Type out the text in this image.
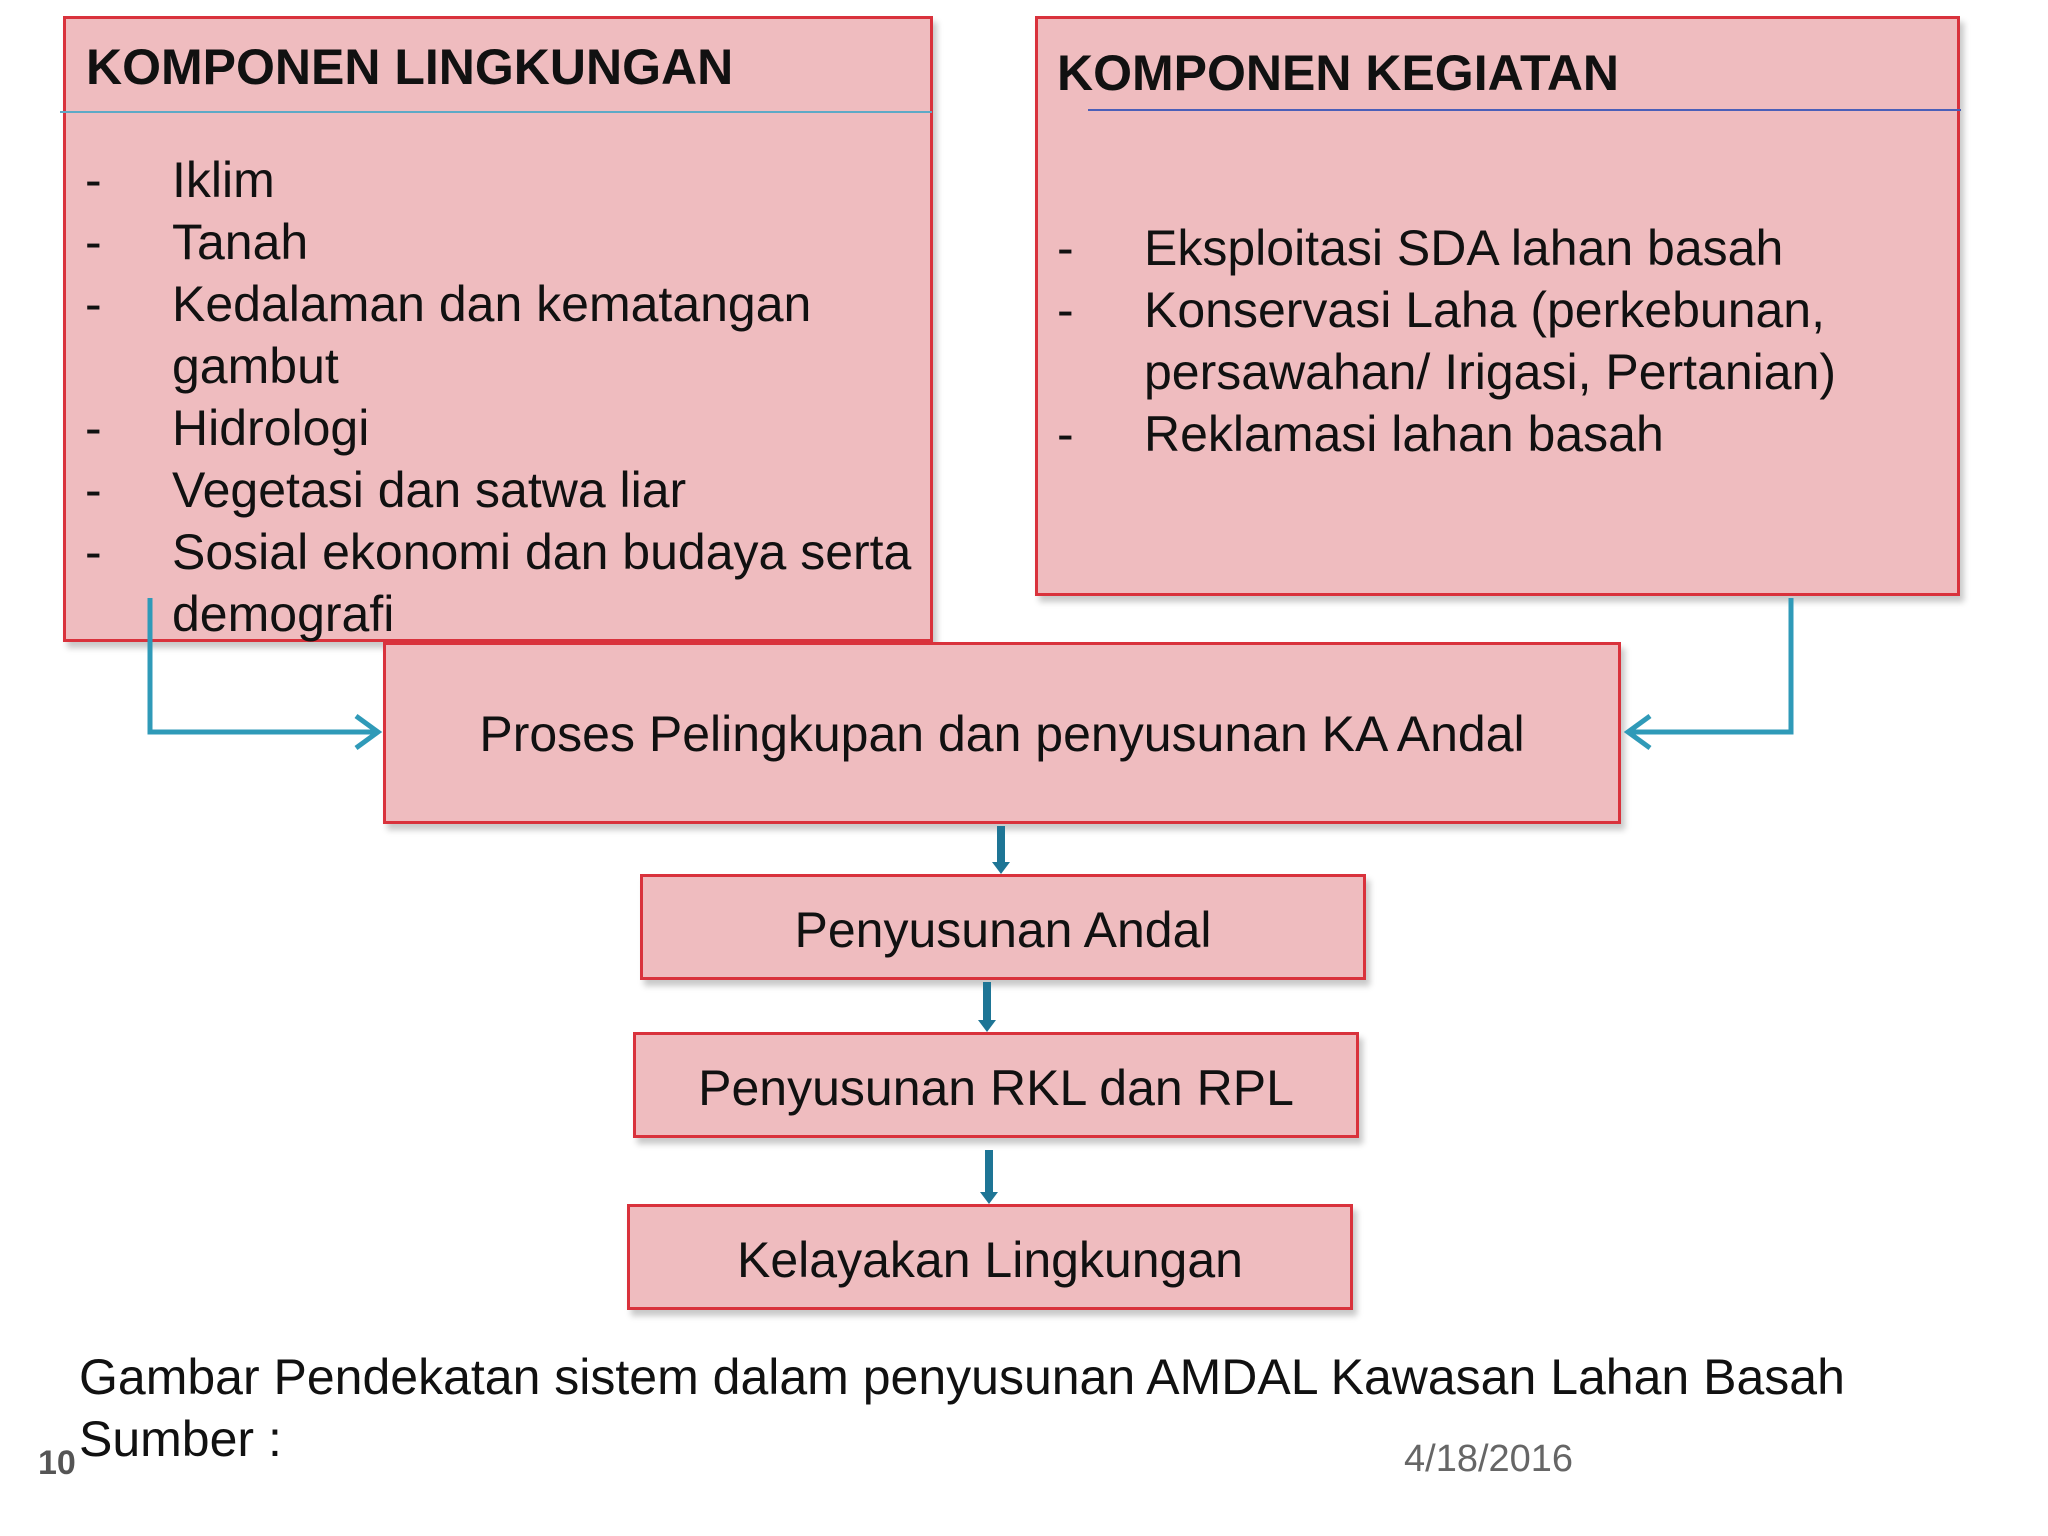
KOMPONEN LINGKUNGAN
- Iklim
- Tanah
- Kedalaman dan kematangan gambut
- Hidrologi
- Vegetasi dan satwa liar
- Sosial ekonomi dan budaya serta demografi
KOMPONEN KEGIATAN
- Eksploitasi SDA lahan basah
- Konservasi Laha (perkebunan, persawahan/ Irigasi, Pertanian)
- Reklamasi lahan basah
Proses Pelingkupan dan penyusunan KA Andal
Penyusunan Andal
Penyusunan RKL dan RPL
Kelayakan Lingkungan
Gambar Pendekatan sistem dalam penyusunan AMDAL Kawasan Lahan Basah
Sumber :
10	4/18/2016
